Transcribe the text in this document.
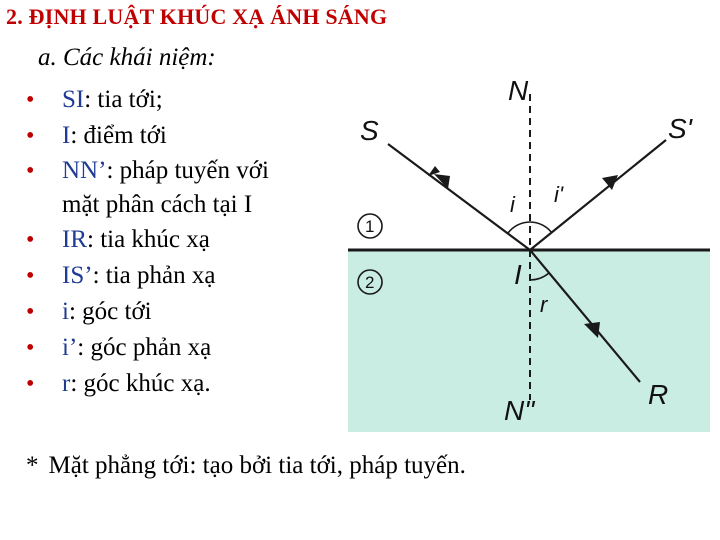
2. ĐỊNH LUẬT KHÚC XẠ ÁNH SÁNG
a. Các khái niệm:
• SI: tia tới;
• I: điểm tới
• NN’: pháp tuyến với
mặt phân cách tại I
• IR: tia khúc xạ
• IS’: tia phản xạ
• i: góc tới
• i’: góc phản xạ
• r: góc khúc xạ.
* Mặt phẳng tới: tạo bởi tia tới, pháp tuyến.
1
2
N
S	S'
i i'
I
r
N"
R
